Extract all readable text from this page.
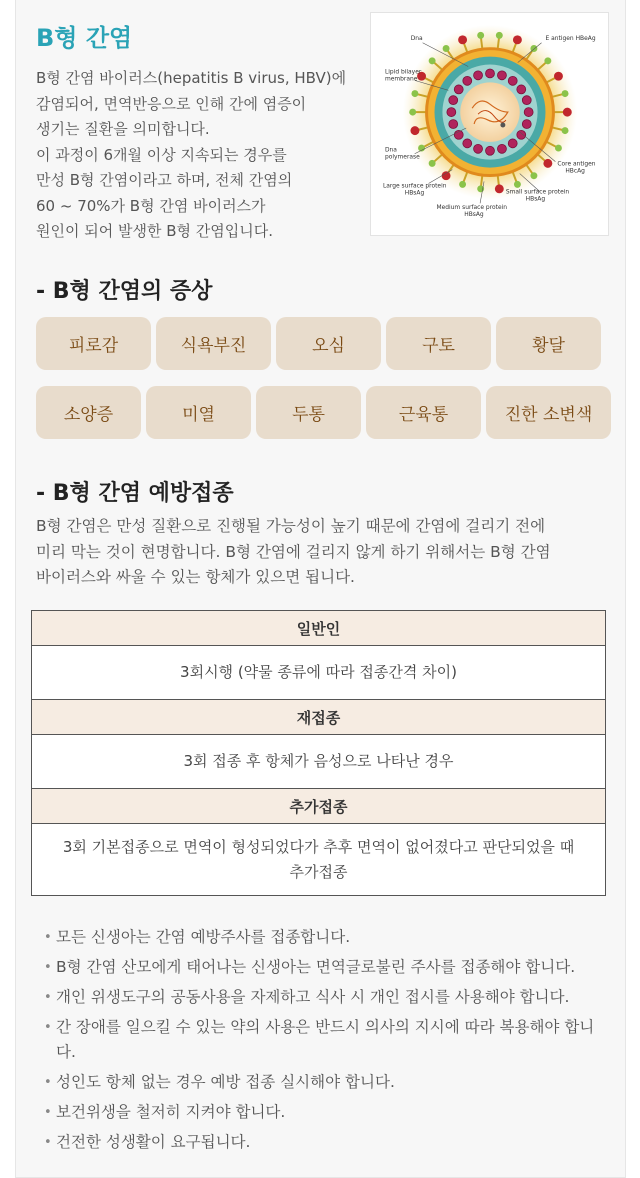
B형 간염

B형 간염 바이러스(hepatitis B virus, HBV)에

감염되어, 면역반응으로 인해 간에 염증이

생기는 질환을 의미합니다.

이 과정이 6개월 이상 지속되는 경우를

만성 B형 간염이라고 하며, 전체 간염의

60 ~ 70%가 B형 간염 바이러스가

원인이 되어 발생한 B형 간염입니다.

Dna	E antigen HBeAg
Lipid bilayer
membrane
Dna
polymerase
Core antigen
HBcAg
Large surface protein
HBsAg	Small surface protein
HBsAg
Medium surface protein
HBsAg
- B형 간염의 증상
피로감	식욕부진	오심	구토	황달
소양증	미열	두통	근육통	진한 소변색
- B형 간염 예방접종

B형 간염은 만성 질환으로 진행될 가능성이 높기 때문에 간염에 걸리기 전에

미리 막는 것이 현명합니다. B형 간염에 걸리지 않게 하기 위해서는 B형 간염

바이러스와 싸울 수 있는 항체가 있으면 됩니다.

일반인
3회시행 (약물 종류에 따라 접종간격 차이)
재접종
3회 접종 후 항체가 음성으로 나타난 경우
추가접종

3회 기본접종으로 면역이 형성되었다가 추후 면역이 없어졌다고 판단되었을 때
추가접종
• 모든 신생아는 간염 예방주사를 접종합니다.
• B형 간염 산모에게 태어나는 신생아는 면역글로불린 주사를 접종해야 합니다.
• 개인 위생도구의 공동사용을 자제하고 식사 시 개인 접시를 사용해야 합니다.
• 간 장애를 일으킬 수 있는 약의 사용은 반드시 의사의 지시에 따라 복용해야 합니다.
• 성인도 항체 없는 경우 예방 접종 실시해야 합니다.
• 보건위생을 철저히 지켜야 합니다.
• 건전한 성생활이 요구됩니다.
